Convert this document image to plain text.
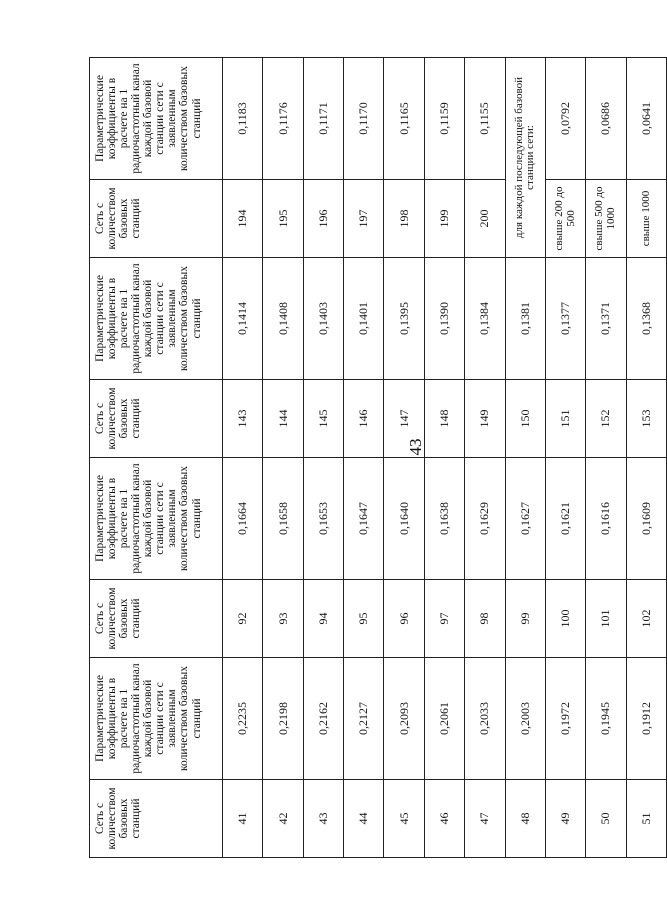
43
Сеть с количеством базовых станций	Параметрические коэффициенты в расчете на 1 радиочастотный канал каждой базовой станции сети с заявленным количеством базовых станций	Сеть с количеством базовых станций	Параметрические коэффициенты в расчете на 1 радиочастотный канал каждой базовой станции сети с заявленным количеством базовых станций	Сеть с количеством базовых станций	Параметрические коэффициенты в расчете на 1 радиочастотный канал каждой базовой станции сети с заявленным количеством базовых станций	Сеть с количеством базовых станций	Параметрические коэффициенты в расчете на 1 радиочастотный канал каждой базовой станции сети с заявленным количеством базовых станций
41	0,2235	92	0,1664	143	0,1414	194	0,1183
42	0,2198	93	0,1658	144	0,1408	195	0,1176
43	0,2162	94	0,1653	145	0,1403	196	0,1171
44	0,2127	95	0,1647	146	0,1401	197	0,1170
45	0,2093	96	0,1640	147	0,1395	198	0,1165
46	0,2061	97	0,1638	148	0,1390	199	0,1159
47	0,2033	98	0,1629	149	0,1384	200	0,1155
48	0,2003	99	0,1627	150	0,1381	для каждой последующей базовой станции сети:	
49	0,1972	100	0,1621	151	0,1377	свыше 200 до 500	0,0792
50	0,1945	101	0,1616	152	0,1371	свыше 500 до 1000	0,0686
51	0,1912	102	0,1609	153	0,1368	свыше 1000	0,0641
